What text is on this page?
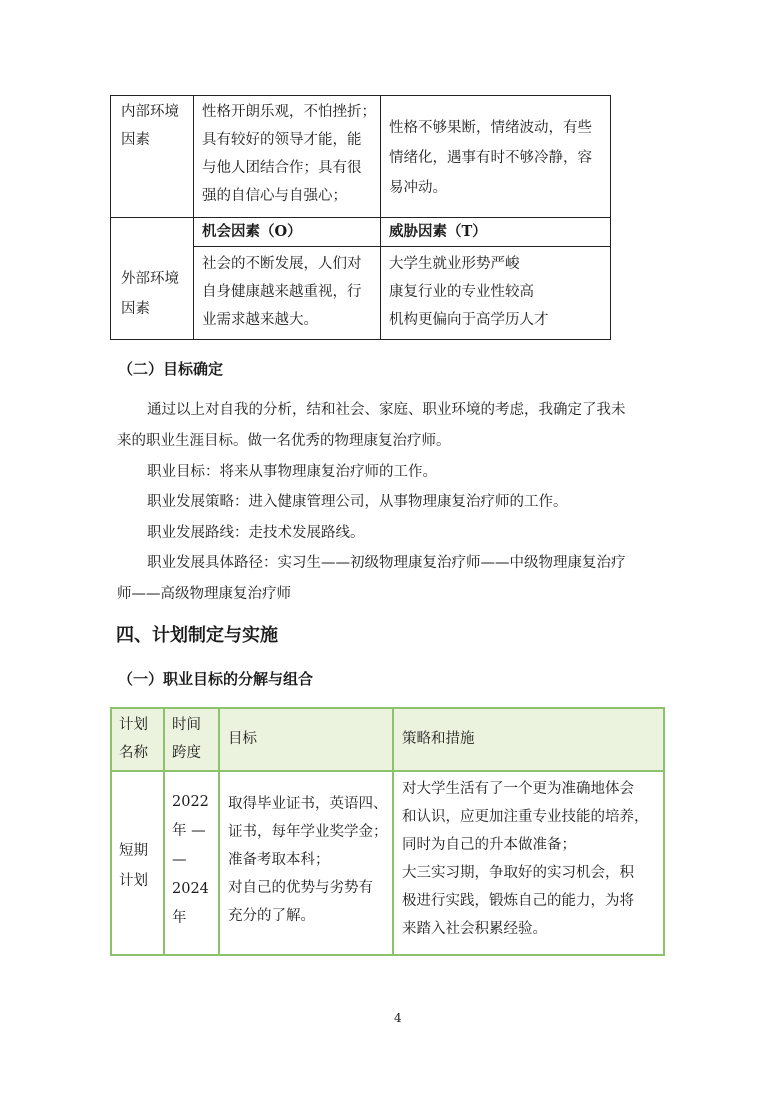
内部环境
因素
性格开朗乐观，不怕挫折；
具有较好的领导才能，能
与他人团结合作；具有很
强的自信心与自强心；
性格不够果断，情绪波动，有些
情绪化，遇事有时不够冷静，容
易冲动。
机会因素（O）	威胁因素（T）
外部环境
因素
社会的不断发展，人们对
自身健康越来越重视，行
业需求越来越大。
大学生就业形势严峻
康复行业的专业性较高
机构更偏向于高学历人才
（二）目标确定
通过以上对自我的分析，结和社会、家庭、职业环境的考虑，我确定了我未
来的职业生涯目标。做一名优秀的物理康复治疗师。
职业目标：将来从事物理康复治疗师的工作。
职业发展策略：进入健康管理公司，从事物理康复治疗师的工作。
职业发展路线：走技术发展路线。
职业发展具体路径：实习生——初级物理康复治疗师——中级物理康复治疗
师——高级物理康复治疗师
四、计划制定与实施
（一）职业目标的分解与组合
计划
名称
时间
跨度
目标	策略和措施
短期
计划
2022
年 —
—
2024
年
取得毕业证书，英语四、
证书，每年学业奖学金；
准备考取本科；
对自己的优势与劣势有
充分的了解。
对大学生活有了一个更为准确地体会
和认识，应更加注重专业技能的培养，
同时为自己的升本做准备；
大三实习期，争取好的实习机会，积
极进行实践，锻炼自己的能力，为将
来踏入社会积累经验。
4
